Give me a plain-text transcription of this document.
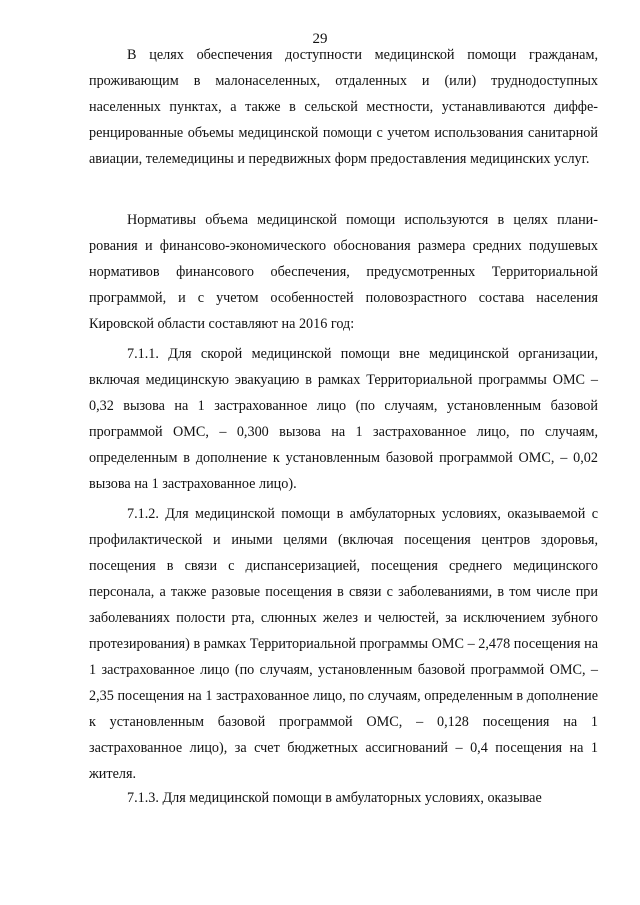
29

В целях обеспечения доступности медицинской помощи гражданам, проживающим в малонаселенных, отдаленных и (или) труднодоступных населенных пунктах, а также в сельской местности, устанавливаются дифференцированные объемы медицинской помощи с учетом использования санитарной авиации, телемедицины и передвижных форм предоставления медицинских услуг.

Нормативы объема медицинской помощи используются в целях планирования и финансово-экономического обоснования размера средних подушевых нормативов финансового обеспечения, предусмотренных Территориальной программой, и с учетом особенностей половозрастного состава населения Кировской области составляют на 2016 год:

7.1.1. Для скорой медицинской помощи вне медицинской организации, включая медицинскую эвакуацию в рамках Территориальной программы ОМС – 0,32 вызова на 1 застрахованное лицо (по случаям, установленным базовой программой ОМС, – 0,300 вызова на 1 застрахованное лицо, по случаям, определенным в дополнение к установленным базовой программой ОМС, – 0,02 вызова на 1 застрахованное лицо).

7.1.2. Для медицинской помощи в амбулаторных условиях, оказываемой с профилактической и иными целями (включая посещения центров здоровья, посещения в связи с диспансеризацией, посещения среднего медицинского персонала, а также разовые посещения в связи с заболеваниями, в том числе при заболеваниях полости рта, слюнных желез и челюстей, за исключением зубного протезирования) в рамках Территориальной программы ОМС – 2,478 посещения на 1 застрахованное лицо (по случаям, установленным базовой программой ОМС, – 2,35 посещения на 1 застрахованное лицо, по случаям, определенным в дополнение к установленным базовой программой ОМС, – 0,128 посещения на 1 застрахованное лицо), за счет бюджетных ассигнований – 0,4 посещения на 1 жителя.

7.1.3. Для медицинской помощи в амбулаторных условиях, оказывае
